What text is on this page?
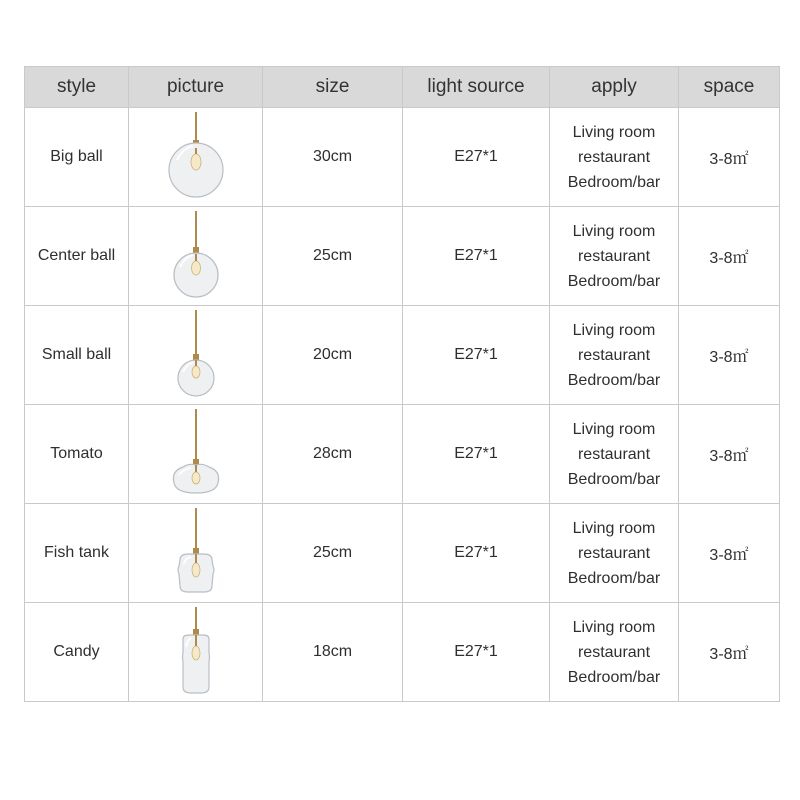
style	picture	size	light source	apply	space
Big ball		30cm	E27*1	Living room
restaurant
Bedroom/bar	3-8㎡
Center ball		25cm	E27*1	Living room
restaurant
Bedroom/bar	3-8㎡
Small ball		20cm	E27*1	Living room
restaurant
Bedroom/bar	3-8㎡
Tomato		28cm	E27*1	Living room
restaurant
Bedroom/bar	3-8㎡
Fish tank		25cm	E27*1	Living room
restaurant
Bedroom/bar	3-8㎡
Candy		18cm	E27*1	Living room
restaurant
Bedroom/bar	3-8㎡
